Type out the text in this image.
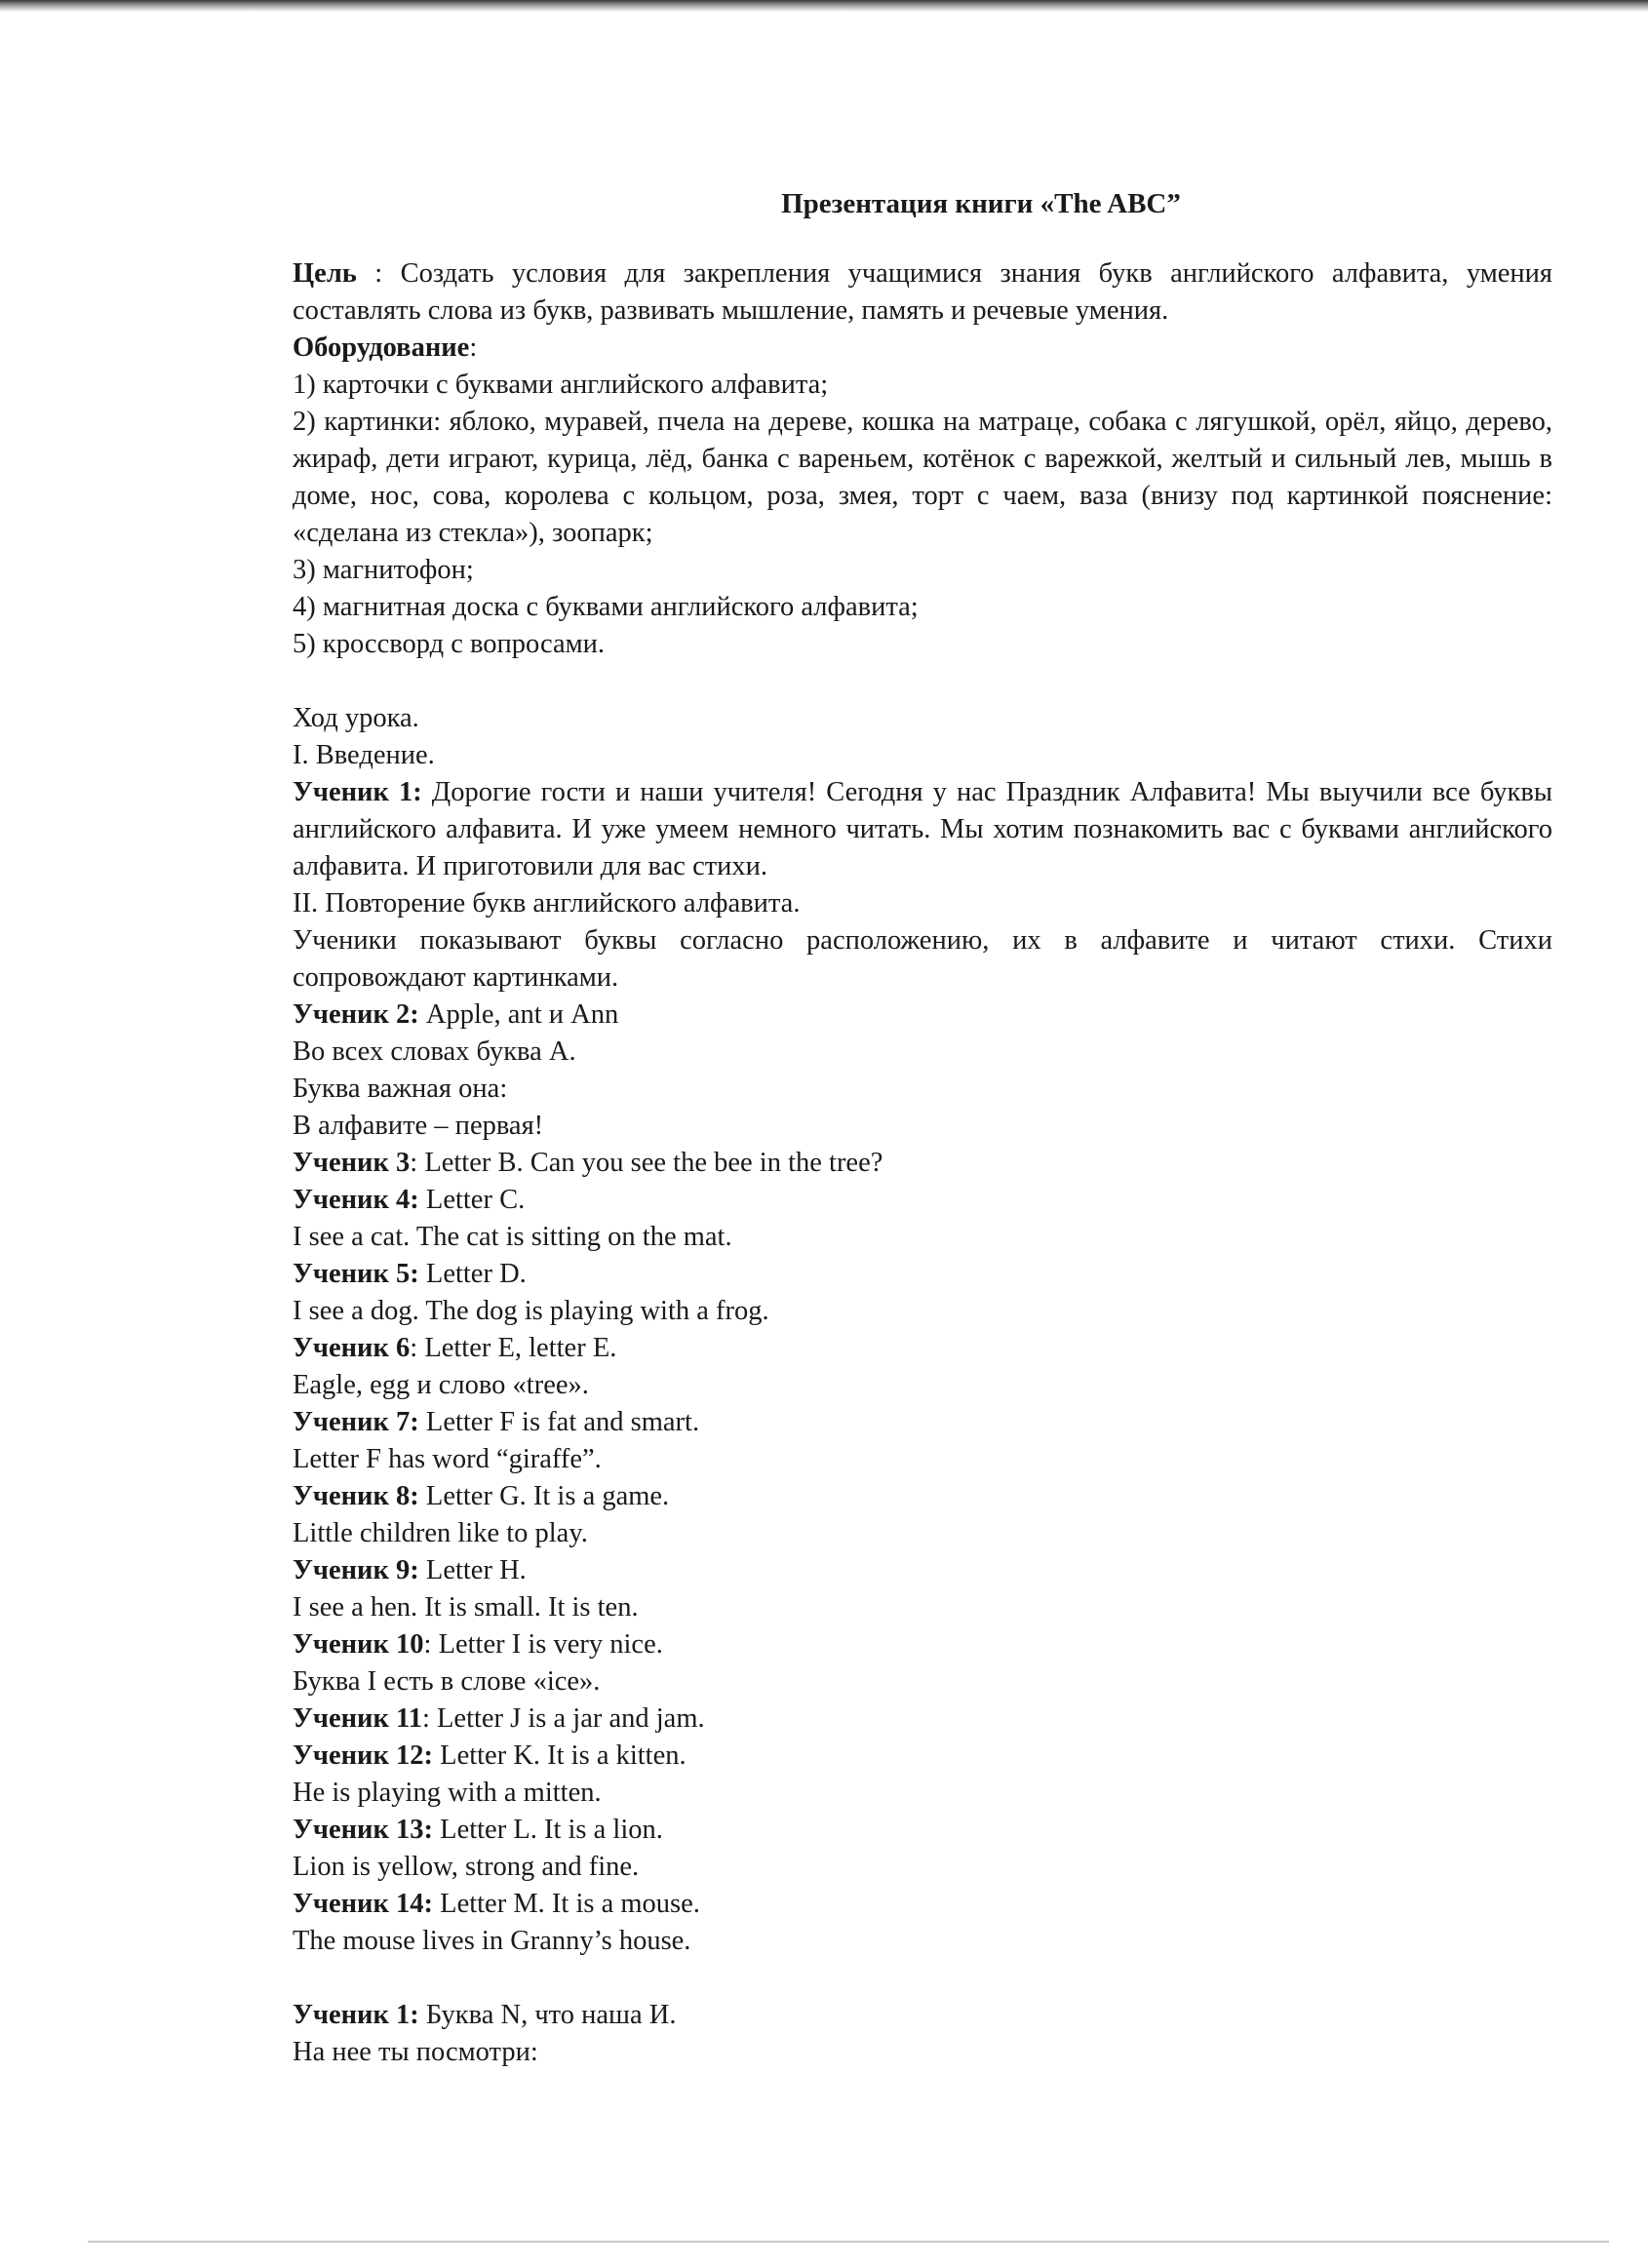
Презентация книги «The ABC”

Цель : Создать условия для закрепления учащимися знания букв английского алфавита, умения составлять слова из букв, развивать мышление, память и речевые умения.

Оборудование:

1) карточки с буквами английского алфавита;

2) картинки: яблоко, муравей, пчела на дереве, кошка на матраце, собака с лягушкой, орёл, яйцо, дерево, жираф, дети играют, курица, лёд, банка с вареньем, котёнок с варежкой, желтый и сильный лев, мышь в доме, нос, сова, королева с кольцом, роза, змея, торт с чаем, ваза (внизу под картинкой пояснение: «сделана из стекла»), зоопарк;

3) магнитофон;

4) магнитная доска с буквами английского алфавита;

5) кроссворд с вопросами.

Ход урока.

I. Введение.

Ученик 1: Дорогие гости и наши учителя! Сегодня у нас Праздник Алфавита! Мы выучили все буквы английского алфавита. И уже умеем немного читать. Мы хотим познакомить вас с буквами английского алфавита. И приготовили для вас стихи.

II. Повторение букв английского алфавита.

Ученики показывают буквы согласно расположению, их в алфавите и читают стихи. Стихи сопровождают картинками.

Ученик 2: Apple, ant и Ann

Во всех словах буква А.

Буква важная она:

В алфавите – первая!

Ученик 3: Letter B. Can you see the bee in the tree?

Ученик 4: Letter C.

I see a cat. The cat is sitting on the mat.

Ученик 5: Letter D.

I see a dog. The dog is playing with a frog.

Ученик 6: Letter E, letter E.

Eagle, egg и слово «tree».

Ученик 7: Letter F is fat and smart.

Letter F has word “giraffe”.

Ученик 8: Letter G. It is a game.

Little children like to play.

Ученик 9: Letter H.

I see a hen. It is small. It is ten.

Ученик 10: Letter I is very nice.

Буква I есть в слове «ice».

Ученик 11: Letter J is a jar and jam.

Ученик 12: Letter K. It is a kitten.

He is playing with a mitten.

Ученик 13: Letter L. It is a lion.

Lion is yellow, strong and fine.

Ученик 14: Letter M. It is a mouse.

The mouse lives in Granny’s house.

Ученик 1: Буква N, что наша И.

На нее ты посмотри:
